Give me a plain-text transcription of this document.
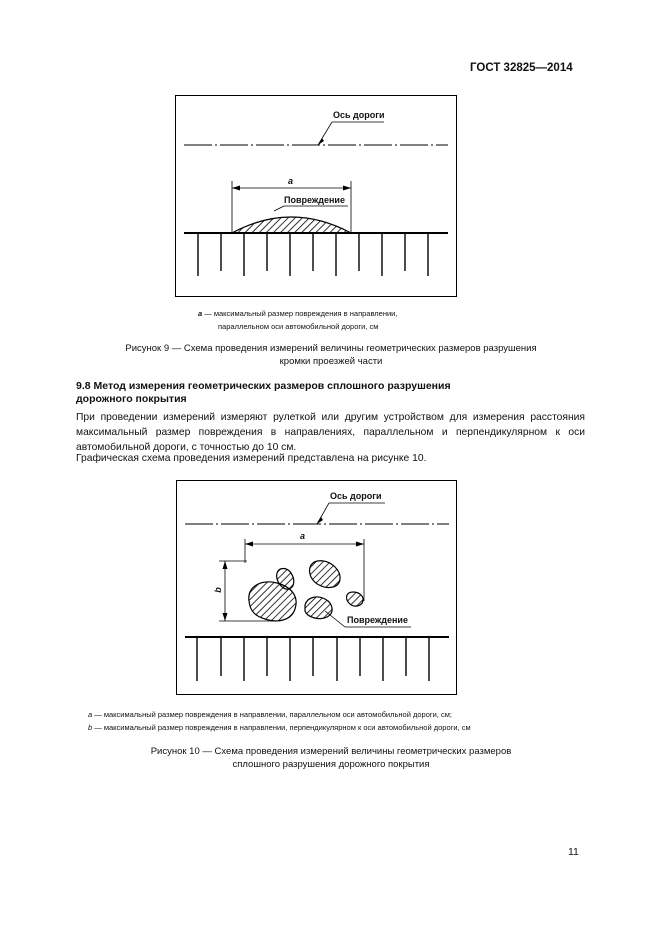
ГОСТ 32825—2014
Ось дороги
a
Повреждение
a — максимальный размер повреждения в направлении,
параллельном оси автомобильной дороги, см
Рисунок 9 — Схема проведения измерений величины геометрических размеров разрушения
кромки проезжей части
9.8 Метод измерения геометрических размеров сплошного разрушения
дорожного покрытия
При проведении измерений измеряют рулеткой или другим устройством для измерения расстояния максимальный размер повреждения в направлениях, параллельном и перпендикулярном к оси автомобильной дороги, с точностью до 10 см.
Графическая схема проведения измерений представлена на рисунке 10.
Ось дороги
a
b
Повреждение
a — максимальный размер повреждения в направлении, параллельном оси автомобильной дороги, см;
b — максимальный размер повреждения в направлении, перпендикулярном к оси автомобильной дороги, см
Рисунок 10 — Схема проведения измерений величины геометрических размеров
сплошного разрушения дорожного покрытия
11
